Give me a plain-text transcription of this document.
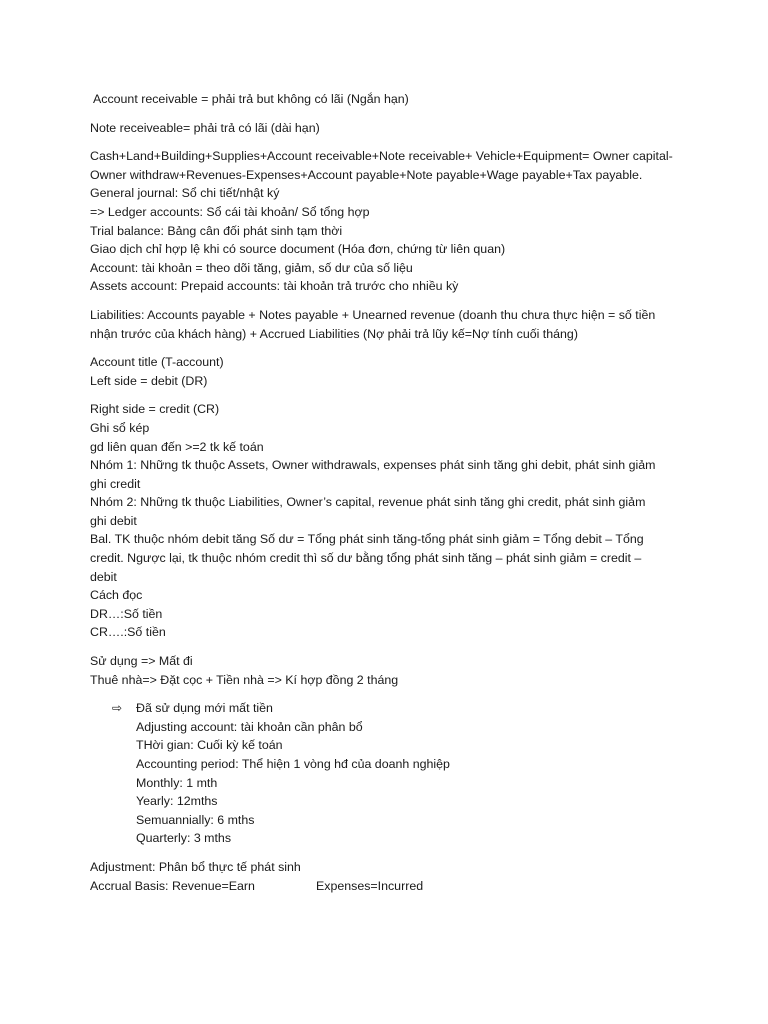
Account receivable = phải trả but không có lãi (Ngắn hạn)
Note receiveable= phải trả có lãi (dài hạn)
Cash+Land+Building+Supplies+Account receivable+Note receivable+ Vehicle+Equipment= Owner capital-
Owner withdraw+Revenues-Expenses+Account payable+Note payable+Wage payable+Tax payable.
General journal: Sổ chi tiết/nhật ký
=> Ledger accounts: Sổ cái tài khoản/ Sổ tổng hợp
Trial balance: Bảng cân đối phát sinh tạm thời
Giao dịch chỉ hợp lệ khi có source document (Hóa đơn, chứng từ liên quan)
Account: tài khoản = theo dõi tăng, giảm, số dư của số liệu
Assets account: Prepaid accounts: tài khoản trả trước cho nhiều kỳ
Liabilities: Accounts payable + Notes payable + Unearned revenue (doanh thu chưa thực hiện = số tiền
nhận trước của khách hàng) + Accrued Liabilities (Nợ phải trả lũy kế=Nợ tính cuối tháng)
Account title (T-account)
Left side = debit (DR)
Right side = credit (CR)
Ghi sổ kép
gd liên quan đến >=2 tk kế toán
Nhóm 1: Những tk thuộc Assets, Owner withdrawals, expenses phát sinh tăng ghi debit, phát sinh giảm
ghi credit
Nhóm 2: Những tk thuộc Liabilities, Owner’s capital, revenue phát sinh tăng ghi credit, phát sinh giảm
ghi debit
Bal. TK thuộc nhóm debit tăng Số dư = Tổng phát sinh tăng-tổng phát sinh giảm = Tổng debit – Tổng
credit. Ngược lại, tk thuộc nhóm credit thì số dư bằng tổng phát sinh tăng – phát sinh giảm = credit –
debit
Cách đọc
DR…:Số tiền
CR….:Số tiền
Sử dụng => Mất đi
Thuê nhà=> Đặt cọc + Tiền nhà => Kí hợp đồng 2 tháng
⇨ Đã sử dụng mới mất tiền
Adjusting account: tài khoản cần phân bổ
THời gian: Cuối kỳ kế toán
Accounting period: Thể hiện 1 vòng hđ của doanh nghiệp
Monthly: 1 mth
Yearly: 12mths
Semuannially: 6 mths
Quarterly: 3 mths
Adjustment: Phân bổ thực tế phát sinh
Accrual Basis: Revenue=Earn	Expenses=Incurred
